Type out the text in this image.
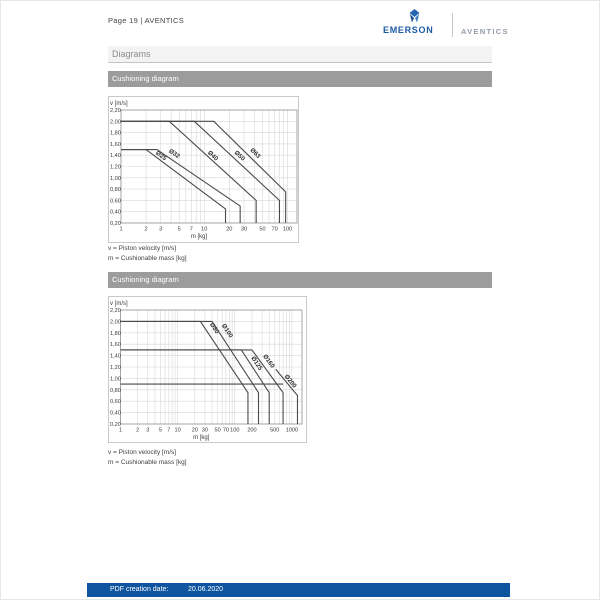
Page 19 | AVENTICS
EMERSON	AVENTICS
Diagrams
Cushioning diagram
Ø25 Ø32	Ø40 Ø50 Ø63
2,20
2,00
1,80
1,60
1,40
1,20
1,00
0,80
0,60
0,40
0,20
1	2 3	5 7 10	20 30 50 70 100
v [m/s]
m [kg]
v = Piston velocity [m/s]
m = Cushionable mass [kg]
Cushioning diagram
Ø80 Ø100
Ø125
Ø160
Ø200
2,20
2,00
1,80
1,60
1,40
1,20
1,00
0,80
0,60
0,40
0,20
1	2 3 5 7 10 20 30 50 70 100 200 500 1000
v [m/s]
m [kg]
v = Piston velocity [m/s]
m = Cushionable mass [kg]
PDF creation date:	20.06.2020
